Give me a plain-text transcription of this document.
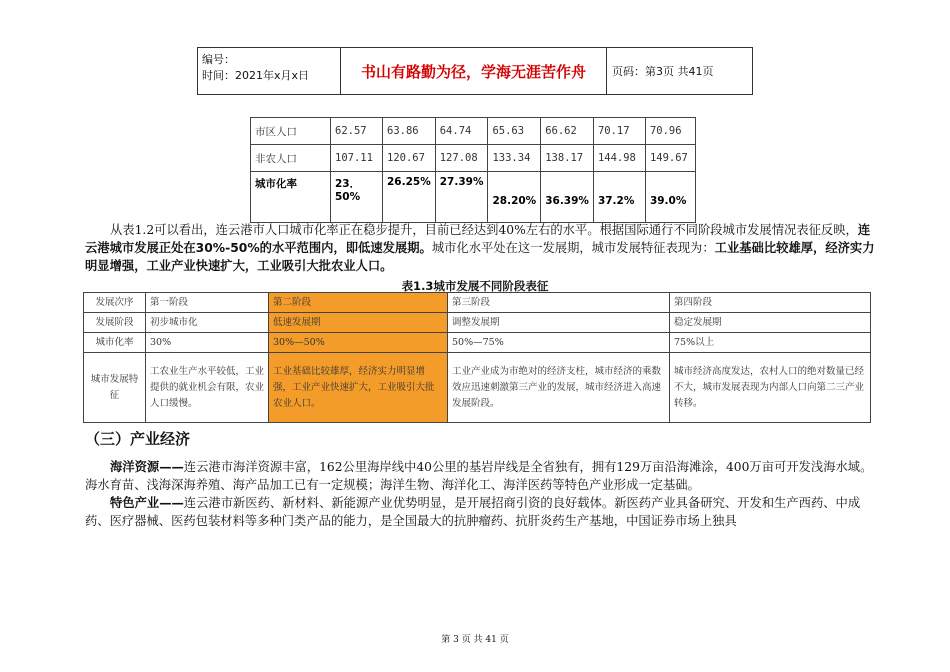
编号：
时间：2021年x月x日	书山有路勤为径，学海无涯苦作舟	页码：第3页 共41页
市区人口	62.57	63.86	64.74	65.63	66.62	70.17	70.96
非农人口	107.11	120.67	127.08	133.34	138.17	144.98	149.67
城市化率	23．50%	26.25%	27.39%	28.20%	36.39%	37.2%	39.0%
从表1.2可以看出，连云港市人口城市化率正在稳步提升，目前已经达到40%左右的水平。根据国际通行不同阶段城市发展情况表征反映，连云港城市发展正处在30%-50%的水平范围内，即低速发展期。城市化水平处在这一发展期，城市发展特征表现为：工业基础比较雄厚，经济实力明显增强，工业产业快速扩大，工业吸引大批农业人口。
表1.3城市发展不同阶段表征
发展次序	第一阶段	第二阶段	第三阶段	第四阶段
发展阶段	初步城市化	低速发展期	调整发展期	稳定发展期
城市化率	30%	30%—50%	50%—75%	75%以上
城市发展特征	工农业生产水平较低，工业提供的就业机会有限，农业人口缓慢。	工业基础比较雄厚，经济实力明显增强，工业产业快速扩大，工业吸引大批农业人口。	工业产业成为市绝对的经济支柱，城市经济的乘数效应迅速刺激第三产业的发展，城市经济进入高速发展阶段。	城市经济高度发达，农村人口的绝对数量已经不大，城市发展表现为内部人口向第二三产业转移。
（三）产业经济
海洋资源——连云港市海洋资源丰富，162公里海岸线中40公里的基岩岸线是全省独有，拥有129万亩沿海滩涂，400万亩可开发浅海水域。海水育苗、浅海深海养殖、海产品加工已有一定规模；海洋生物、海洋化工、海洋医药等特色产业形成一定基础。
特色产业——连云港市新医药、新材料、新能源产业优势明显，是开展招商引资的良好载体。新医药产业具备研究、开发和生产西药、中成药、医疗器械、医药包装材料等多种门类产品的能力，是全国最大的抗肿瘤药、抗肝炎药生产基地，中国证券市场上独具
第 3 页 共 41 页
